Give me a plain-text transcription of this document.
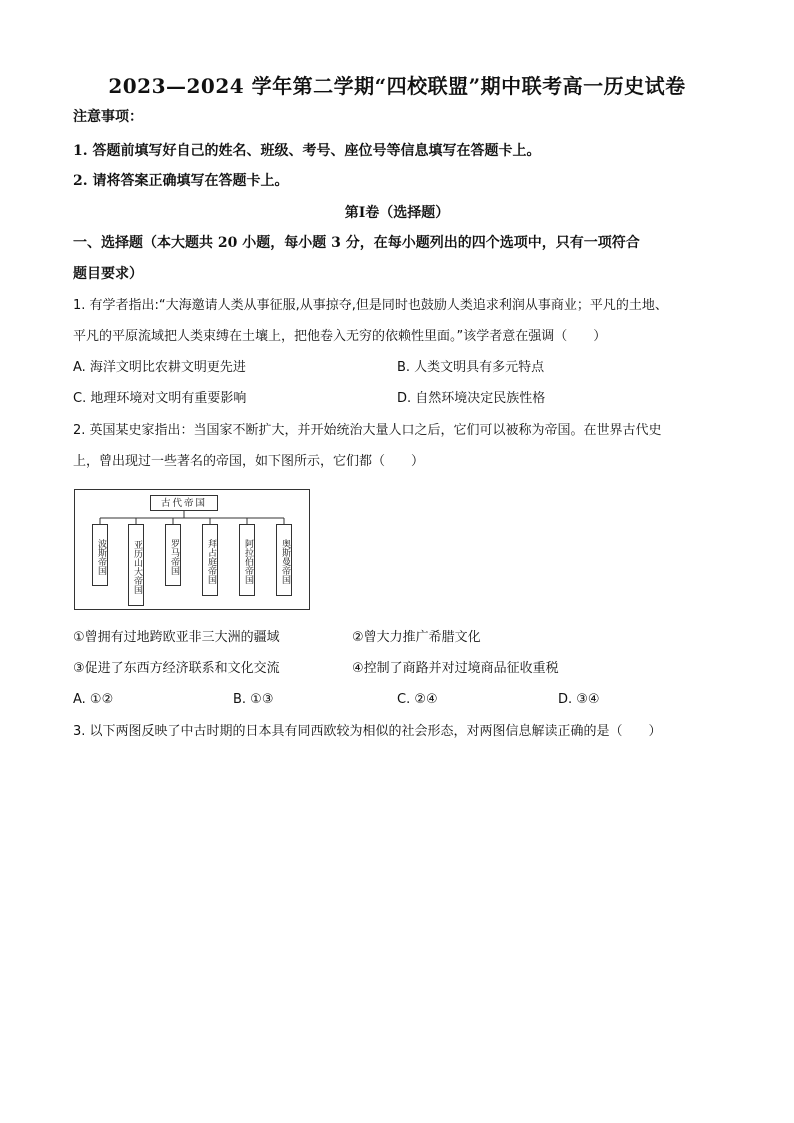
2023—2024 学年第二学期“四校联盟”期中联考高一历史试卷
注意事项：
1. 答题前填写好自己的姓名、班级、考号、座位号等信息填写在答题卡上。
2. 请将答案正确填写在答题卡上。
第Ⅰ卷（选择题）
一、选择题（本大题共 20 小题，每小题 3 分，在每小题列出的四个选项中，只有一项符合
题目要求）
1. 有学者指出:“大海邀请人类从事征服,从事掠夺,但是同时也鼓励人类追求利润从事商业；平凡的土地、
平凡的平原流域把人类束缚在土壤上，把他卷入无穷的依赖性里面。”该学者意在强调（　　）
A. 海洋文明比农耕文明更先进	B. 人类文明具有多元特点
C. 地理环境对文明有重要影响	D. 自然环境决定民族性格
2. 英国某史家指出：当国家不断扩大，并开始统治大量人口之后，它们可以被称为帝国。在世界古代史
上，曾出现过一些著名的帝国，如下图所示，它们都（　　）
古代帝国
波斯帝国	亚历山大帝国	罗马帝国	拜占庭帝国	阿拉伯帝国	奥斯曼帝国
①曾拥有过地跨欧亚非三大洲的疆域	②曾大力推广希腊文化
③促进了东西方经济联系和文化交流	④控制了商路并对过境商品征收重税
A. ①②	B. ①③	C. ②④	D. ③④
3. 以下两图反映了中古时期的日本具有同西欧较为相似的社会形态，对两图信息解读正确的是（　　）
